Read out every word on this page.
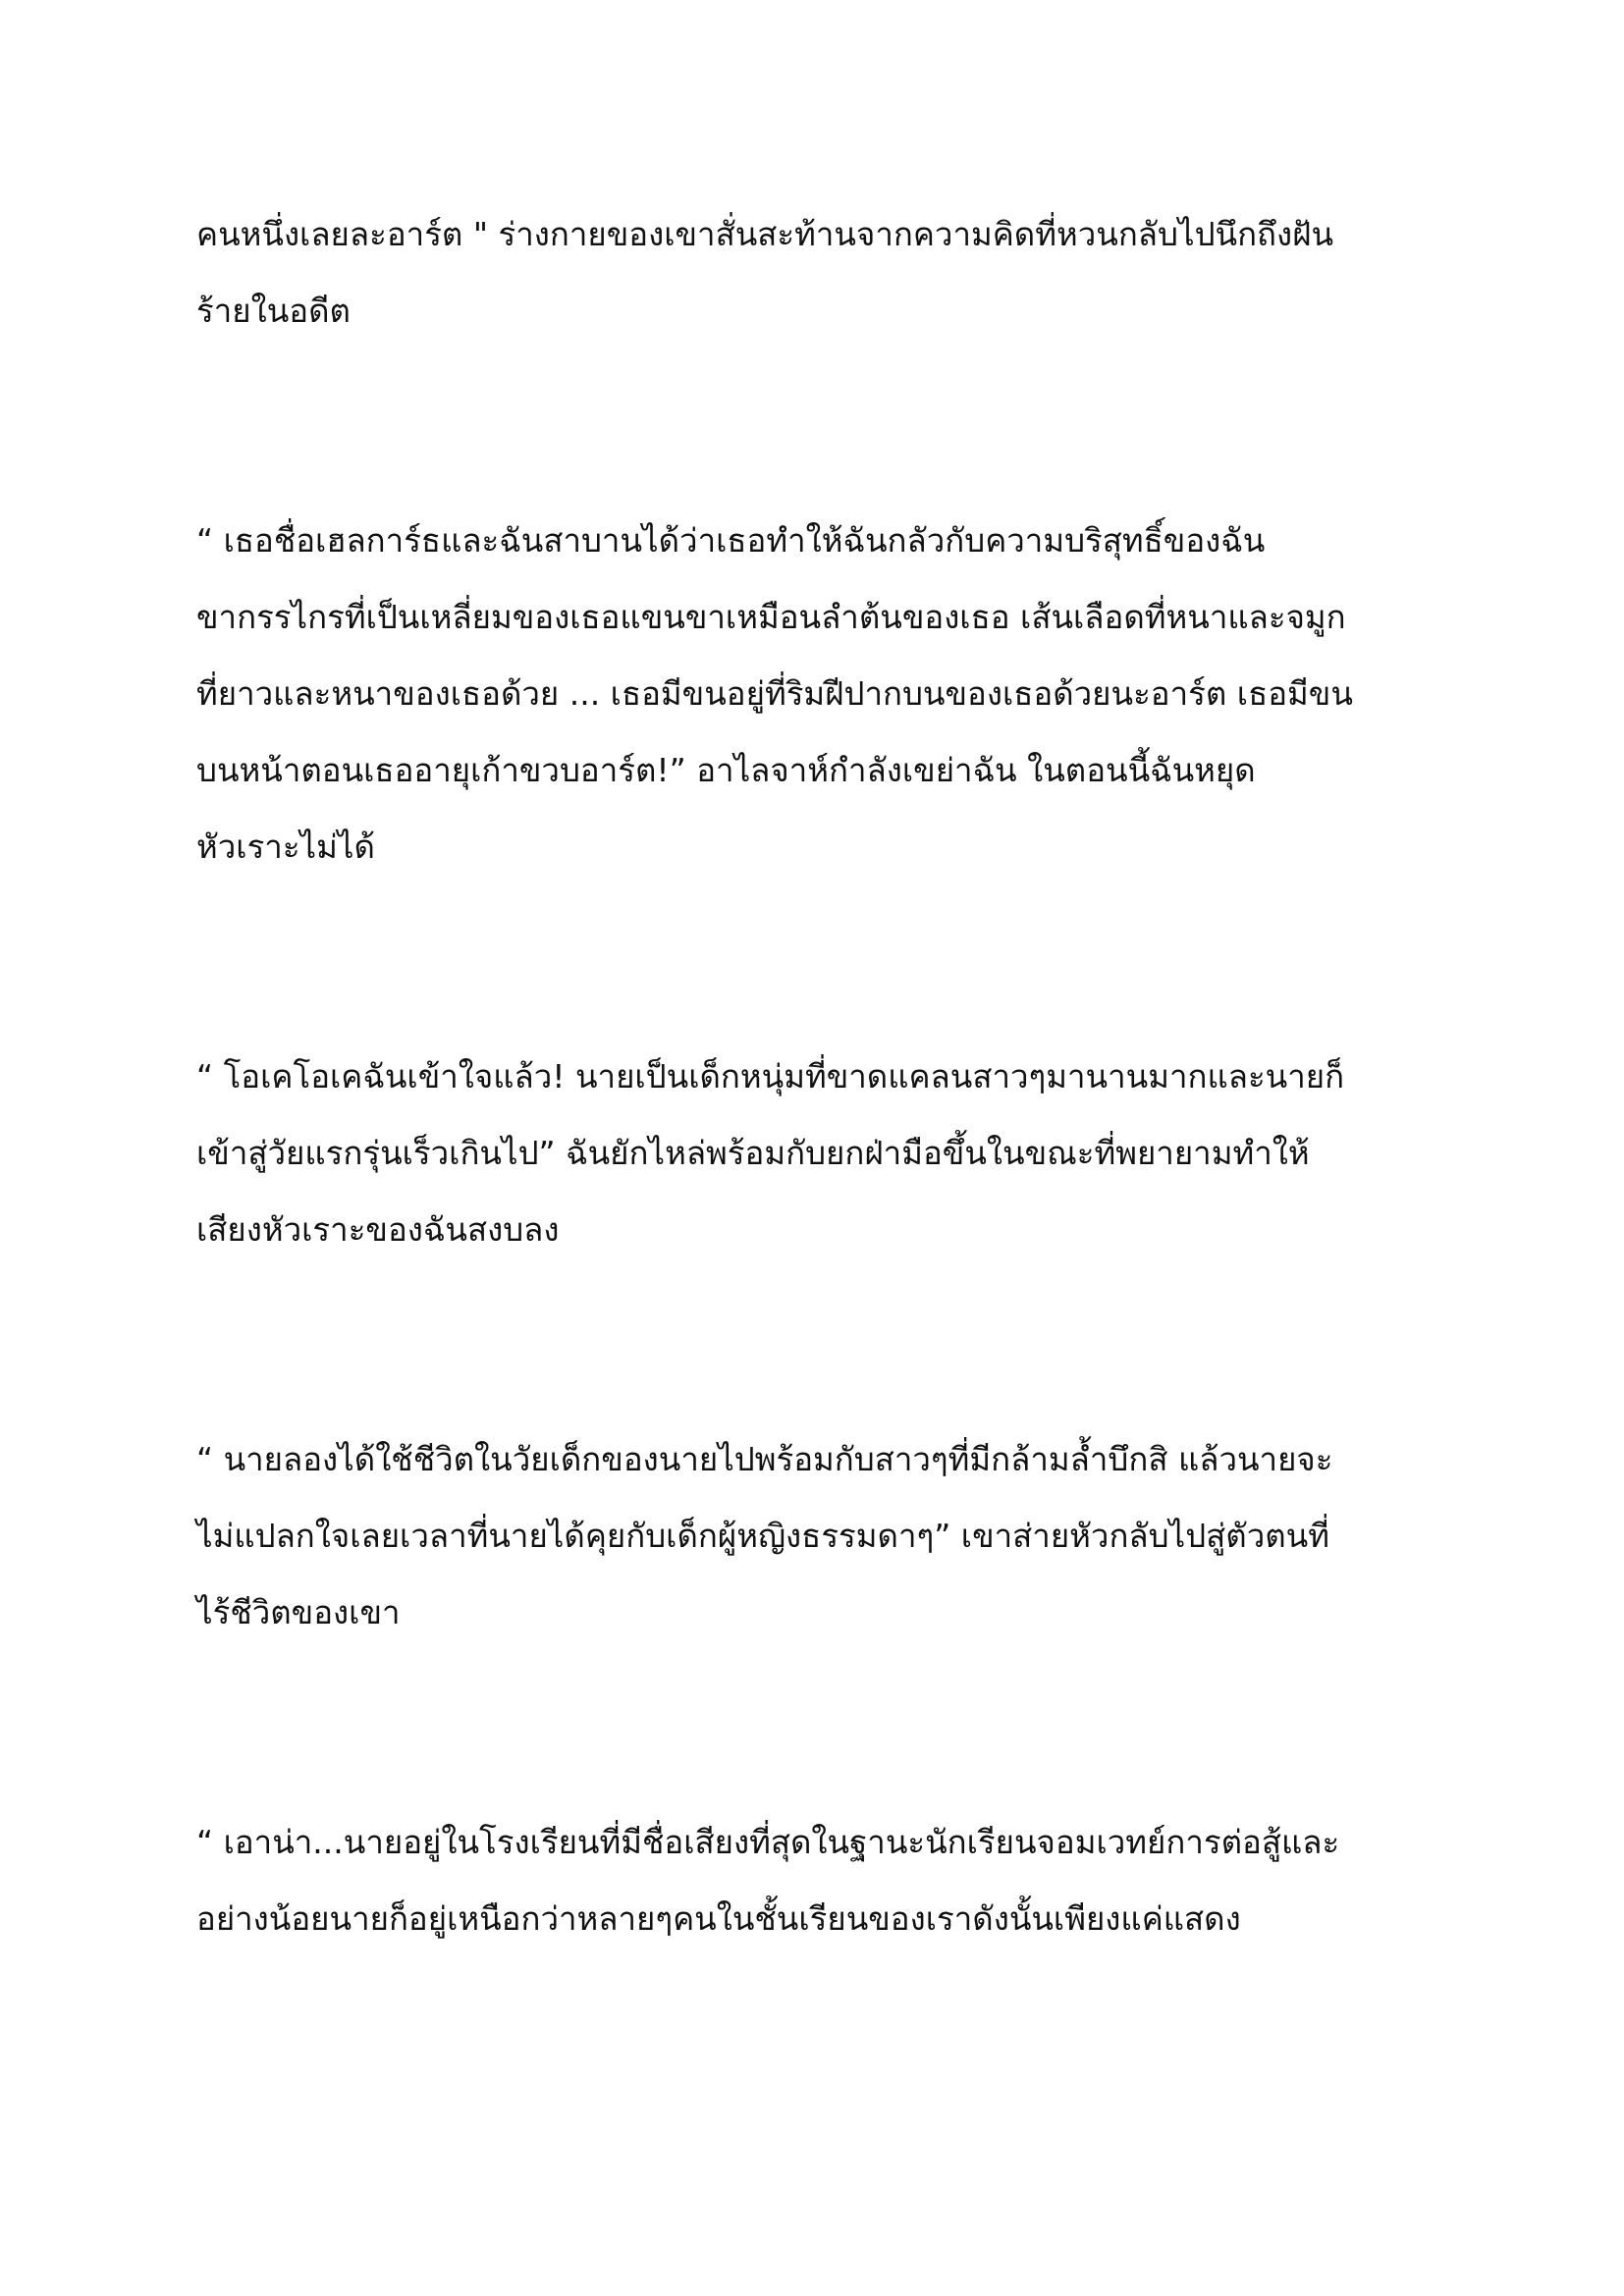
คนหนึ่งเลยละอาร์ต " ร่างกายของเขาสั่นสะท้านจากความคิดที่หวนกลับไปนึกถึงฝัน
ร้ายในอดีต

“ เธอชื่อเฮลการ์ธและฉันสาบานได้ว่าเธอทำให้ฉันกลัวกับความบริสุทธิ์ของฉัน
ขากรรไกรที่เป็นเหลี่ยมของเธอแขนขาเหมือนลำต้นของเธอ เส้นเลือดที่หนาและจมูก
ที่ยาวและหนาของเธอด้วย ... เธอมีขนอยู่ที่ริมฝีปากบนของเธอด้วยนะอาร์ต เธอมีขน
บนหน้าตอนเธออายุเก้าขวบอาร์ต!” อาไลจาห์กำลังเขย่าฉัน ในตอนนี้ฉันหยุด
หัวเราะไม่ได้

“ โอเคโอเคฉันเข้าใจแล้ว! นายเป็นเด็กหนุ่มที่ขาดแคลนสาวๆมานานมากและนายก็
เข้าสู่วัยแรกรุ่นเร็วเกินไป” ฉันยักไหล่พร้อมกับยกฝ่ามือขึ้นในขณะที่พยายามทำให้
เสียงหัวเราะของฉันสงบลง

“ นายลองได้ใช้ชีวิตในวัยเด็กของนายไปพร้อมกับสาวๆที่มีกล้ามล้ำบึกสิ แล้วนายจะ
ไม่แปลกใจเลยเวลาที่นายได้คุยกับเด็กผู้หญิงธรรมดาๆ” เขาส่ายหัวกลับไปสู่ตัวตนที่
ไร้ชีวิตของเขา

“ เอาน่า...นายอยู่ในโรงเรียนที่มีชื่อเสียงที่สุดในฐานะนักเรียนจอมเวทย์การต่อสู้และ
อย่างน้อยนายก็อยู่เหนือกว่าหลายๆคนในชั้นเรียนของเราดังนั้นเพียงแค่แสดง
